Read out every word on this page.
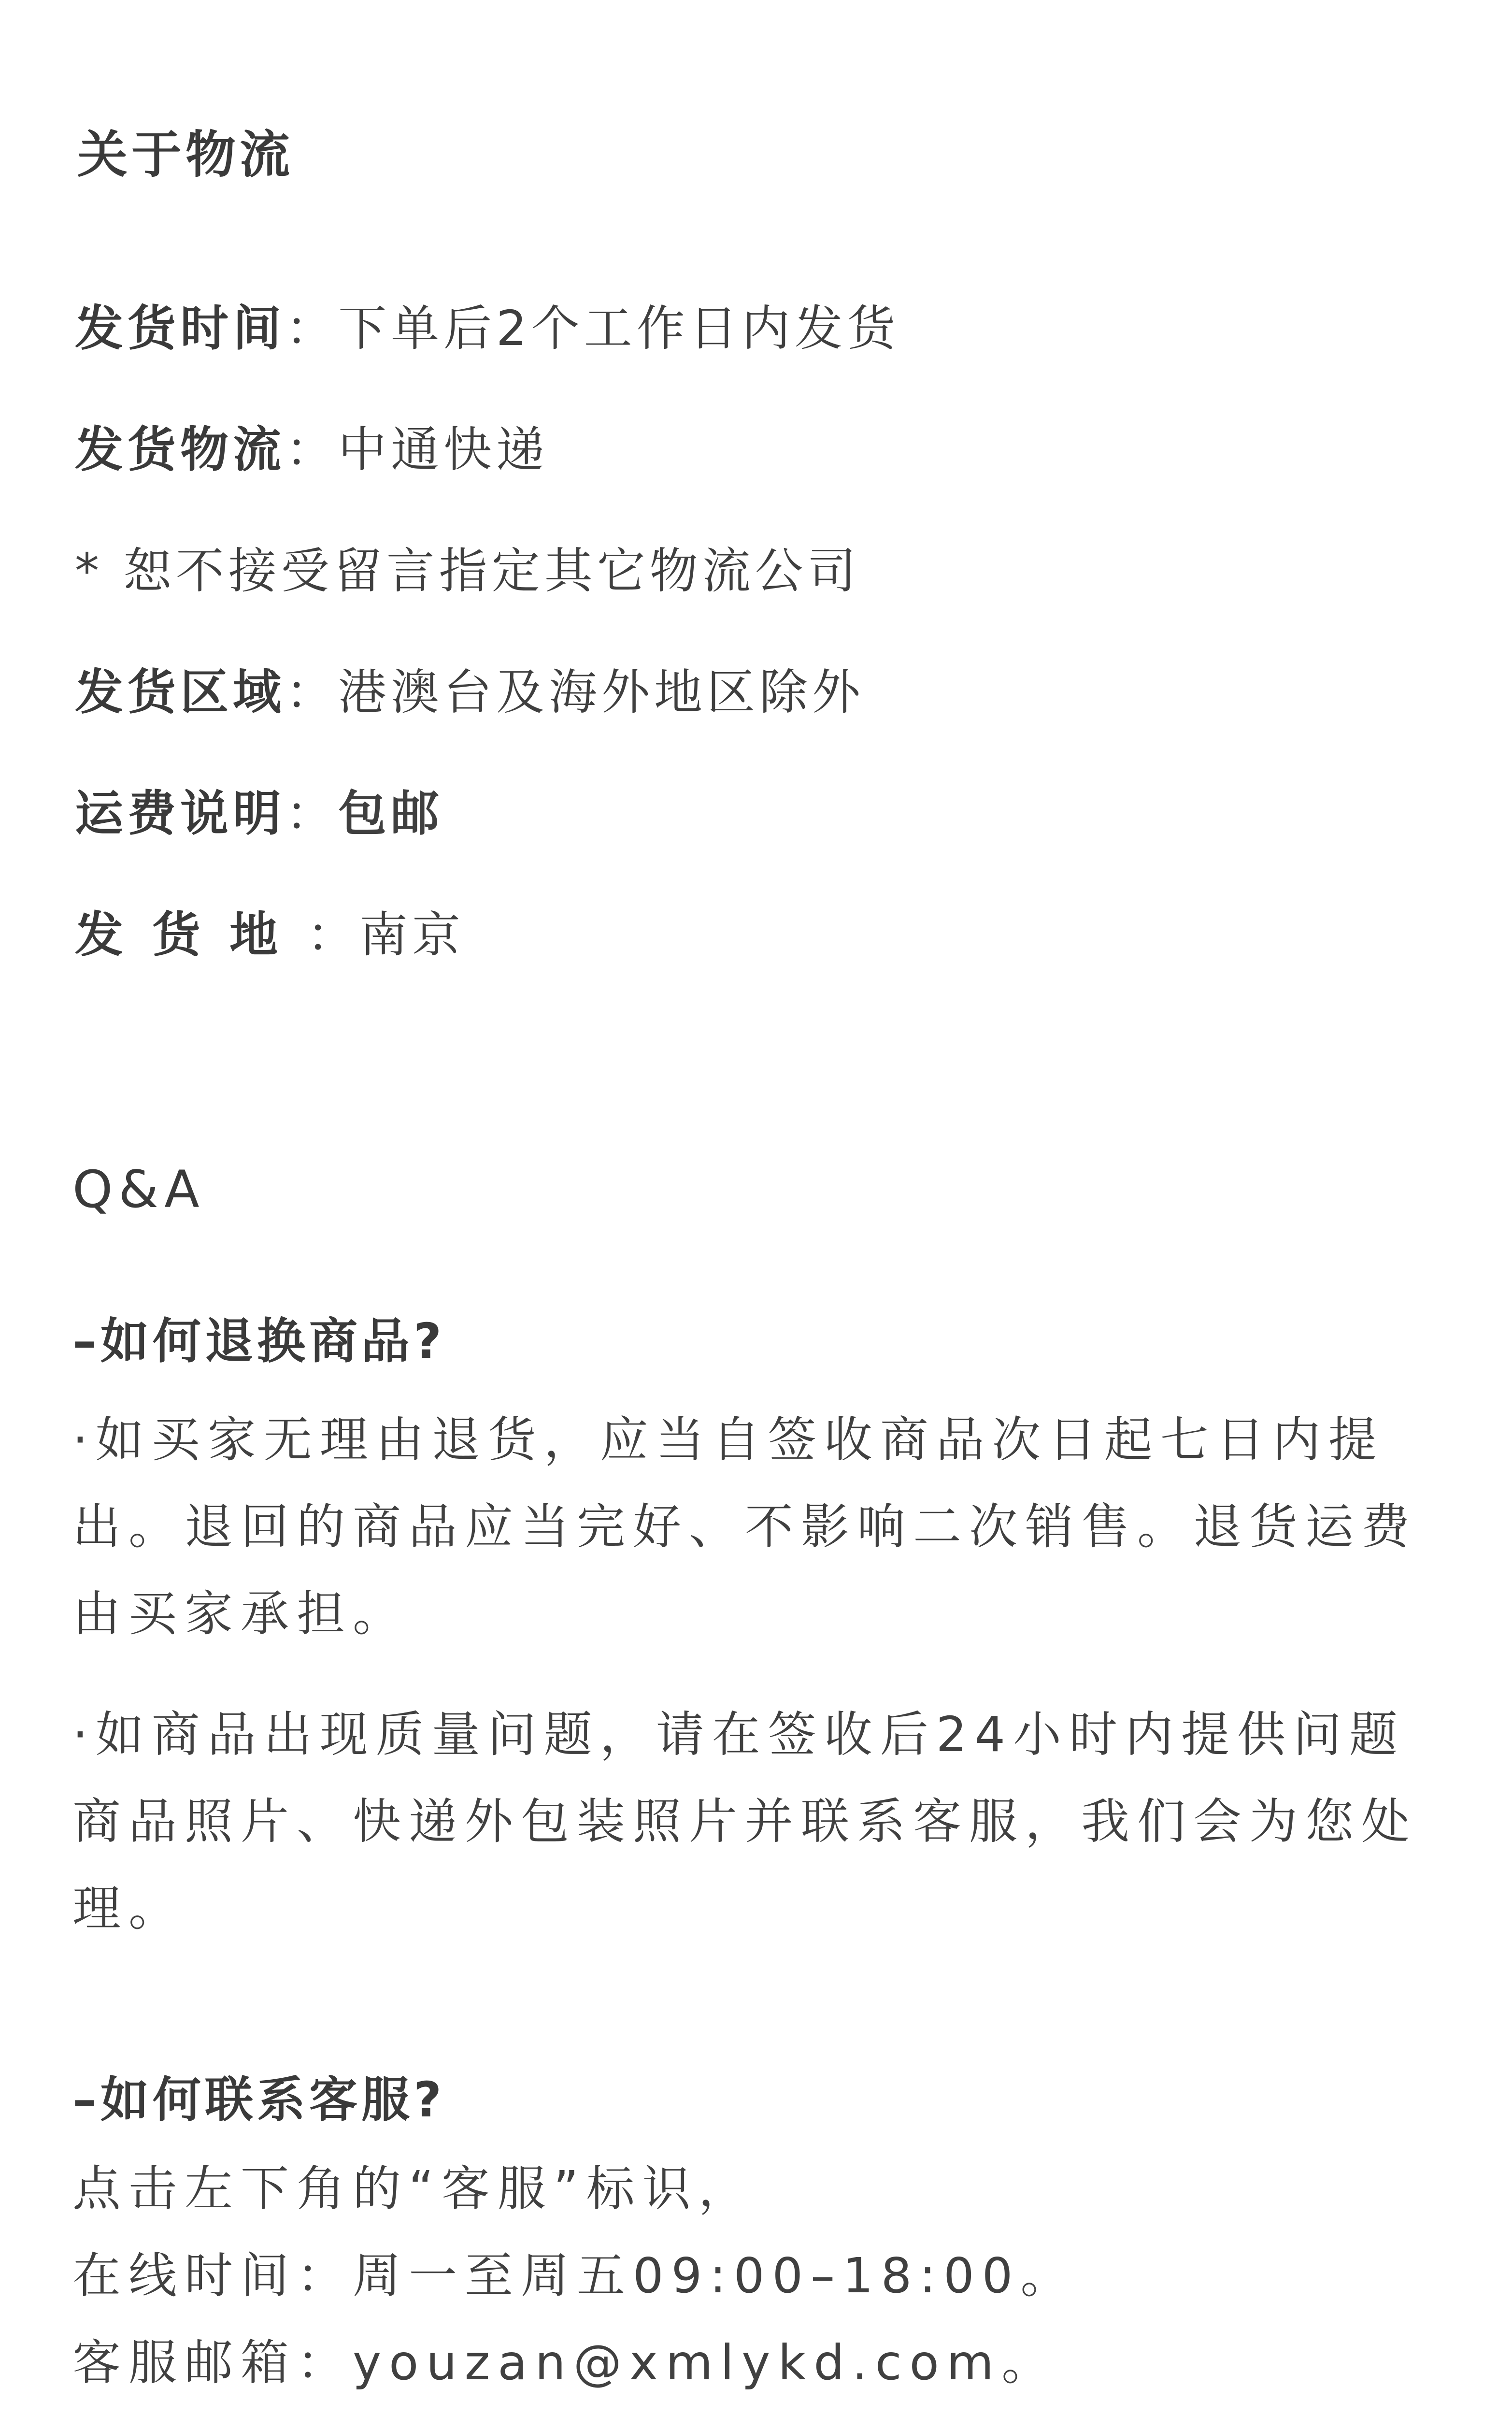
关于物流
发货时间：下单后2个工作日内发货
发货物流：中通快递
* 恕不接受留言指定其它物流公司
发货区域：港澳台及海外地区除外
运费说明：包邮
发货地：南京
Q&A
–如何退换商品?
·如买家无理由退货，应当自签收商品次日起七日内提
出。退回的商品应当完好、不影响二次销售。退货运费
由买家承担。
·如商品出现质量问题，请在签收后24小时内提供问题
商品照片、快递外包装照片并联系客服，我们会为您处
理。
–如何联系客服?
点击左下角的“客服”标识，
在线时间：周一至周五09:00–18:00。
客服邮箱：youzan@xmlykd.com。
